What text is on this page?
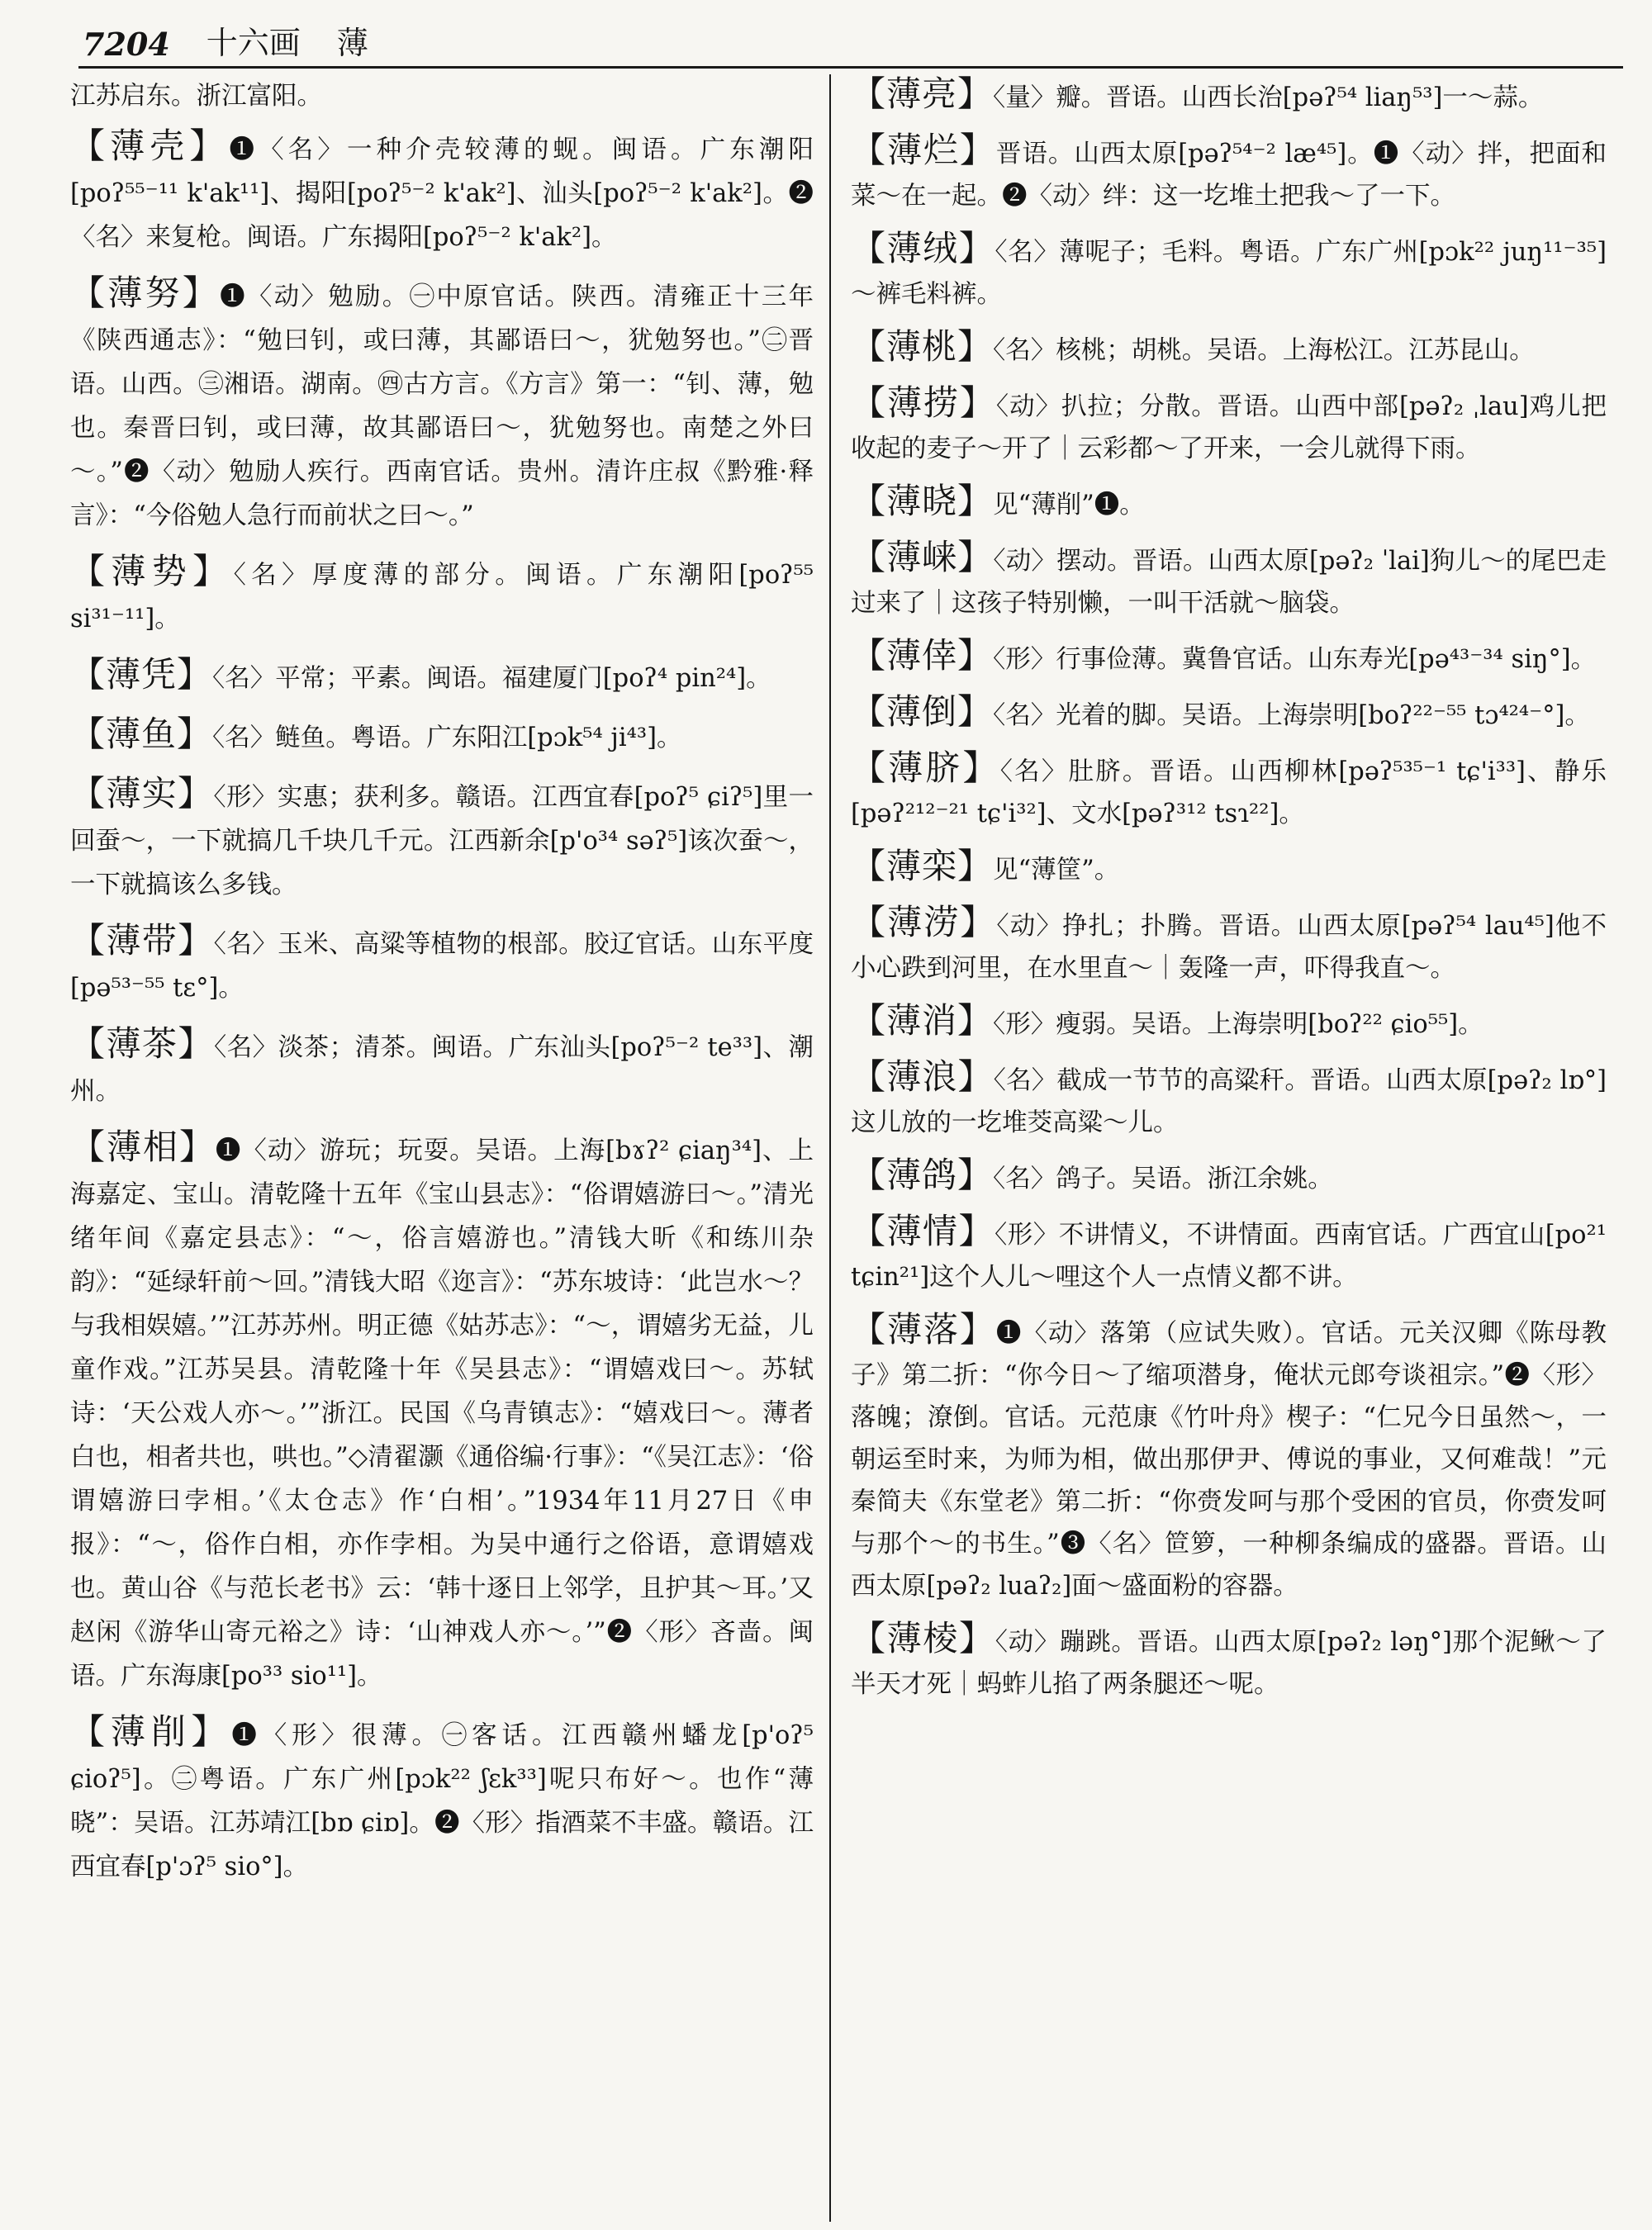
7204 十六画 薄
江苏启东。浙江富阳。
【薄壳】❶〈名〉一种介壳较薄的蚬。闽语。广东潮阳[poʔ⁵⁵⁻¹¹ k'ak¹¹]、揭阳[poʔ⁵⁻² k'ak²]、汕头[poʔ⁵⁻² k'ak²]。❷〈名〉来复枪。闽语。广东揭阳[poʔ⁵⁻² k'ak²]。
【薄努】❶〈动〉勉励。㊀中原官话。陕西。清雍正十三年《陕西通志》：“勉曰钊，或曰薄，其鄙语曰～，犹勉努也。”㊁晋语。山西。㊂湘语。湖南。㊃古方言。《方言》第一：“钊、薄，勉也。秦晋曰钊，或曰薄，故其鄙语曰～，犹勉努也。南楚之外曰～。”❷〈动〉勉励人疾行。西南官话。贵州。清许庄叔《黔雅·释言》：“今俗勉人急行而前状之曰～。”
【薄势】〈名〉厚度薄的部分。闽语。广东潮阳[poʔ⁵⁵ si³¹⁻¹¹]。
【薄凭】〈名〉平常；平素。闽语。福建厦门[poʔ⁴ pin²⁴]。
【薄鱼】〈名〉鲢鱼。粤语。广东阳江[pɔk⁵⁴ ji⁴³]。
【薄实】〈形〉实惠；获利多。赣语。江西宜春[poʔ⁵ ɕiʔ⁵]里一回蚕～，一下就搞几千块几千元。江西新余[p'o³⁴ səʔ⁵]该次蚕～，一下就搞该么多钱。
【薄带】〈名〉玉米、高粱等植物的根部。胶辽官话。山东平度[pə⁵³⁻⁵⁵ tɛ°]。
【薄茶】〈名〉淡茶；清茶。闽语。广东汕头[poʔ⁵⁻² te³³]、潮州。
【薄相】❶〈动〉游玩；玩耍。吴语。上海[bɤʔ² ɕiaŋ³⁴]、上海嘉定、宝山。清乾隆十五年《宝山县志》：“俗谓嬉游曰～。”清光绪年间《嘉定县志》：“～，俗言嬉游也。”清钱大昕《和练川杂韵》：“延绿轩前～回。”清钱大昭《迩言》：“苏东坡诗：‘此岂水～？与我相娱嬉。’”江苏苏州。明正德《姑苏志》：“～，谓嬉劣无益，儿童作戏。”江苏吴县。清乾隆十年《吴县志》：“谓嬉戏曰～。苏轼诗：‘天公戏人亦～。’”浙江。民国《乌青镇志》：“嬉戏曰～。薄者白也，相者共也，哄也。”◇清翟灏《通俗编·行事》：“《吴江志》：‘俗谓嬉游曰孛相。’《太仓志》作‘白相’。”1934年11月27日《申报》：“～，俗作白相，亦作孛相。为吴中通行之俗语，意谓嬉戏也。黄山谷《与范长老书》云：‘韩十逐日上邻学，且护其～耳。’又赵闲《游华山寄元裕之》诗：‘山神戏人亦～。’”❷〈形〉吝啬。闽语。广东海康[po³³ sio¹¹]。
【薄削】❶〈形〉很薄。㊀客话。江西赣州蟠龙[p'oʔ⁵ ɕioʔ⁵]。㊁粤语。广东广州[pɔk²² ʃɛk³³]呢只布好～。也作“薄晓”：吴语。江苏靖江[bɒ ɕiɒ]。❷〈形〉指酒菜不丰盛。赣语。江西宜春[p'ɔʔ⁵ sio°]。
【薄亮】〈量〉瓣。晋语。山西长治[pəʔ⁵⁴ liaŋ⁵³]一～蒜。
【薄烂】晋语。山西太原[pəʔ⁵⁴⁻² læ⁴⁵]。❶〈动〉拌，把面和菜～在一起。❷〈动〉绊：这一圪堆土把我～了一下。
【薄绒】〈名〉薄呢子；毛料。粤语。广东广州[pɔk²² juŋ¹¹⁻³⁵]～裤毛料裤。
【薄桃】〈名〉核桃；胡桃。吴语。上海松江。江苏昆山。
【薄捞】〈动〉扒拉；分散。晋语。山西中部[pəʔ₂ ˌlau]鸡儿把收起的麦子～开了｜云彩都～了开来，一会儿就得下雨。
【薄晓】见“薄削”❶。
【薄崃】〈动〉摆动。晋语。山西太原[pəʔ₂ ˈlai]狗儿～的尾巴走过来了｜这孩子特别懒，一叫干活就～脑袋。
【薄倖】〈形〉行事俭薄。冀鲁官话。山东寿光[pə⁴³⁻³⁴ siŋ°]。
【薄倒】〈名〉光着的脚。吴语。上海崇明[boʔ²²⁻⁵⁵ tɔ⁴²⁴⁻°]。
【薄脐】〈名〉肚脐。晋语。山西柳林[pəʔ⁵³⁵⁻¹ tɕ'i³³]、静乐[pəʔ²¹²⁻²¹ tɕ'i³²]、文水[pəʔ³¹² tsɿ²²]。
【薄栾】见“薄筐”。
【薄涝】〈动〉挣扎；扑腾。晋语。山西太原[pəʔ⁵⁴ lau⁴⁵]他不小心跌到河里，在水里直～｜轰隆一声，吓得我直～。
【薄消】〈形〉瘦弱。吴语。上海崇明[boʔ²² ɕio⁵⁵]。
【薄浪】〈名〉截成一节节的高粱秆。晋语。山西太原[pəʔ₂ lɒ°]这儿放的一圪堆茭高粱～儿。
【薄鸽】〈名〉鸽子。吴语。浙江余姚。
【薄情】〈形〉不讲情义，不讲情面。西南官话。广西宜山[po²¹ tɕin²¹]这个人儿～哩这个人一点情义都不讲。
【薄落】❶〈动〉落第（应试失败）。官话。元关汉卿《陈母教子》第二折：“你今日～了缩项潜身，俺状元郎夸谈祖宗。”❷〈形〉落魄；潦倒。官话。元范康《竹叶舟》楔子：“仁兄今日虽然～，一朝运至时来，为师为相，做出那伊尹、傅说的事业，又何难哉！”元秦简夫《东堂老》第二折：“你赍发呵与那个受困的官员，你赍发呵与那个～的书生。”❸〈名〉笸箩，一种柳条编成的盛器。晋语。山西太原[pəʔ₂ luaʔ₂]面～盛面粉的容器。
【薄棱】〈动〉蹦跳。晋语。山西太原[pəʔ₂ ləŋ°]那个泥鳅～了半天才死｜蚂蚱儿掐了两条腿还～呢。
